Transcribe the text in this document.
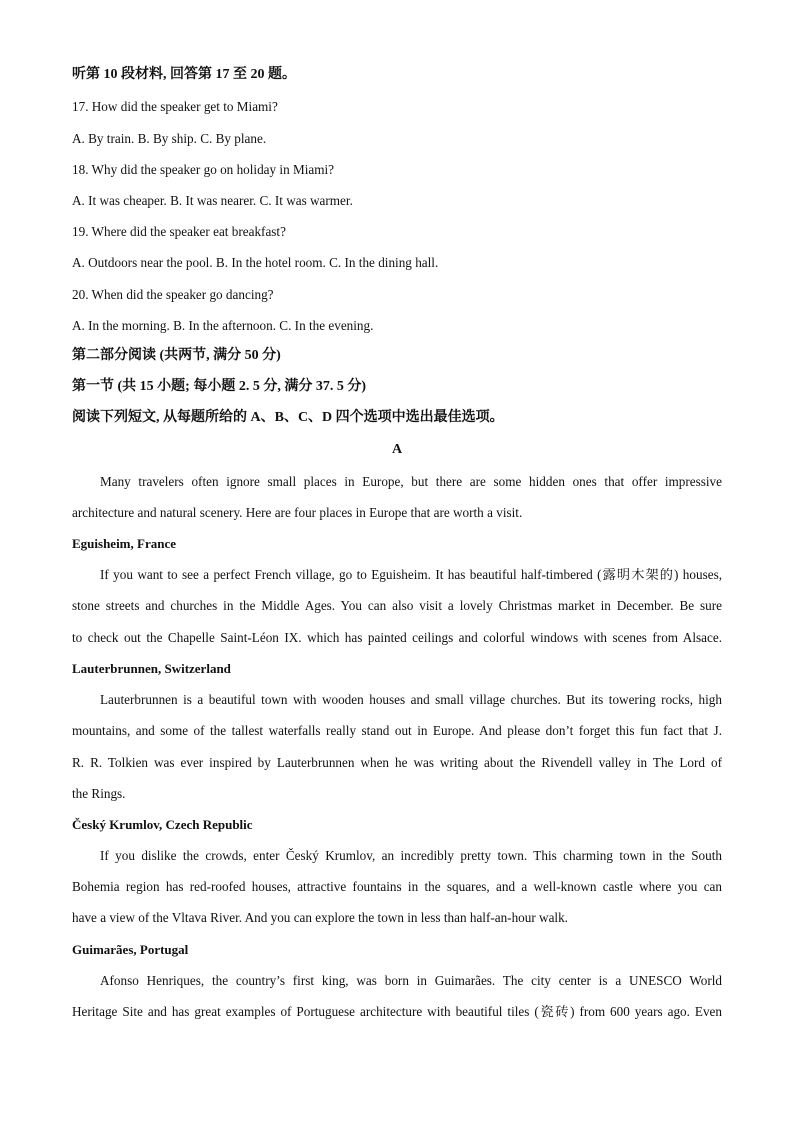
听第 10 段材料, 回答第 17 至 20 题。
17. How did the speaker get to Miami?
A. By train. B. By ship. C. By plane.
18. Why did the speaker go on holiday in Miami?
A. It was cheaper. B. It was nearer. C. It was warmer.
19. Where did the speaker eat breakfast?
A. Outdoors near the pool. B. In the hotel room. C. In the dining hall.
20. When did the speaker go dancing?
A. In the morning. B. In the afternoon. C. In the evening.
第二部分阅读 (共两节, 满分 50 分)
第一节 (共 15 小题; 每小题 2. 5 分, 满分 37. 5 分)
阅读下列短文, 从每题所给的 A、B、C、D 四个选项中选出最佳选项。
A
Many travelers often ignore small places in Europe, but there are some hidden ones that offer impressive
architecture and natural scenery. Here are four places in Europe that are worth a visit.
Eguisheim, France
If you want to see a perfect French village, go to Eguisheim. It has beautiful half-timbered (露明木架的) houses,
stone streets and churches in the Middle Ages. You can also visit a lovely Christmas market in December. Be sure
to check out the Chapelle Saint-Léon IX. which has painted ceilings and colorful windows with scenes from Alsace.
Lauterbrunnen, Switzerland
Lauterbrunnen is a beautiful town with wooden houses and small village churches. But its towering rocks, high
mountains, and some of the tallest waterfalls really stand out in Europe. And please don’t forget this fun fact that J.
R. R. Tolkien was ever inspired by Lauterbrunnen when he was writing about the Rivendell valley in The Lord of
the Rings.
Český Krumlov, Czech Republic
If you dislike the crowds, enter Český Krumlov, an incredibly pretty town. This charming town in the South
Bohemia region has red-roofed houses, attractive fountains in the squares, and a well-known castle where you can
have a view of the Vltava River. And you can explore the town in less than half-an-hour walk.
Guimarães, Portugal
Afonso Henriques, the country’s first king, was born in Guimarães. The city center is a UNESCO World
Heritage Site and has great examples of Portuguese architecture with beautiful tiles (瓷砖) from 600 years ago. Even
